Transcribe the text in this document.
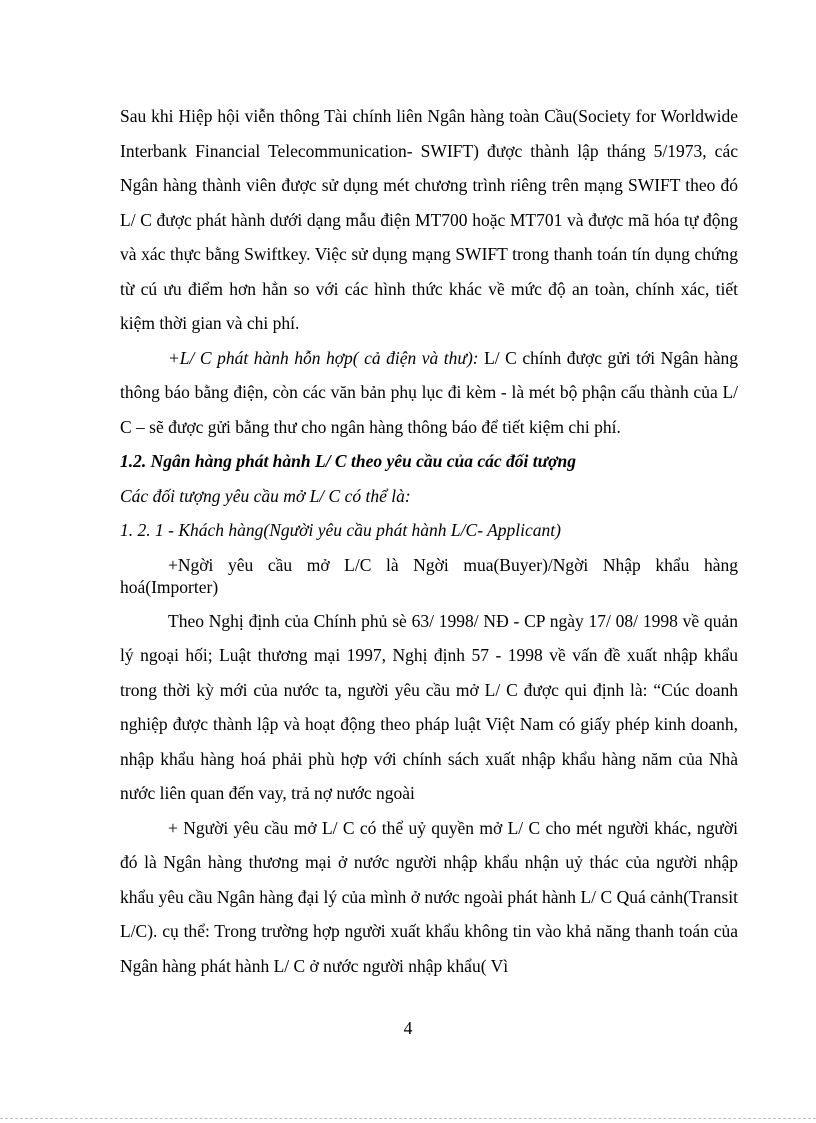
Sau khi Hiệp hội viễn thông Tài chính liên Ngân hàng toàn Cầu(Society for Worldwide Interbank Financial Telecommunication- SWIFT) được thành lập tháng 5/1973, các Ngân hàng thành viên được sử dụng mét chương trình riêng trên mạng SWIFT theo đó L/ C được phát hành dưới dạng mẫu điện MT700 hoặc MT701 và được mã hóa tự động và xác thực bằng Swiftkey. Việc sử dụng mạng SWIFT trong thanh toán tín dụng chứng từ cú ưu điểm hơn hẳn so với các hình thức khác về mức độ an toàn, chính xác, tiết kiệm thời gian và chi phí.

+L/ C phát hành hỗn hợp( cả điện và thư): L/ C chính được gửi tới Ngân hàng thông báo bằng điện, còn các văn bản phụ lục đi kèm - là mét bộ phận cấu thành của L/ C – sẽ được gửi bằng thư cho ngân hàng thông báo để tiết kiệm chi phí.

1.2. Ngân hàng phát hành L/ C theo yêu cầu của các đối tượng

Các đối tượng yêu cầu mở L/ C có thể là:

1. 2. 1 - Khách hàng(Người yêu cầu phát hành L/C- Applicant)

+Ngời yêu cầu mở L/C là Ngời mua(Buyer)/Ngời Nhập khẩu hàng hoá(Importer)

Theo Nghị định của Chính phủ sè 63/ 1998/ NĐ - CP ngày 17/ 08/ 1998 về quản lý ngoại hối; Luật thương mại 1997, Nghị định 57 - 1998 về vấn đề xuất nhập khẩu trong thời kỳ mới của nước ta, người yêu cầu mở L/ C được qui định là: “Cúc doanh nghiệp được thành lập và hoạt động theo pháp luật Việt Nam có giấy phép kinh doanh, nhập khẩu hàng hoá phải phù hợp với chính sách xuất nhập khẩu hàng năm của Nhà nước liên quan đến vay, trả nợ nước ngoài

+ Người yêu cầu mở L/ C có thể uỷ quyền mở L/ C cho mét người khác, người đó là Ngân hàng thương mại ở nước người nhập khẩu nhận uỷ thác của người nhập khẩu yêu cầu Ngân hàng đại lý của mình ở nước ngoài phát hành L/ C Quá cảnh(Transit L/C). cụ thể: Trong trường hợp người xuất khẩu không tin vào khả năng thanh toán của Ngân hàng phát hành L/ C ở nước người nhập khẩu( Vì

4
